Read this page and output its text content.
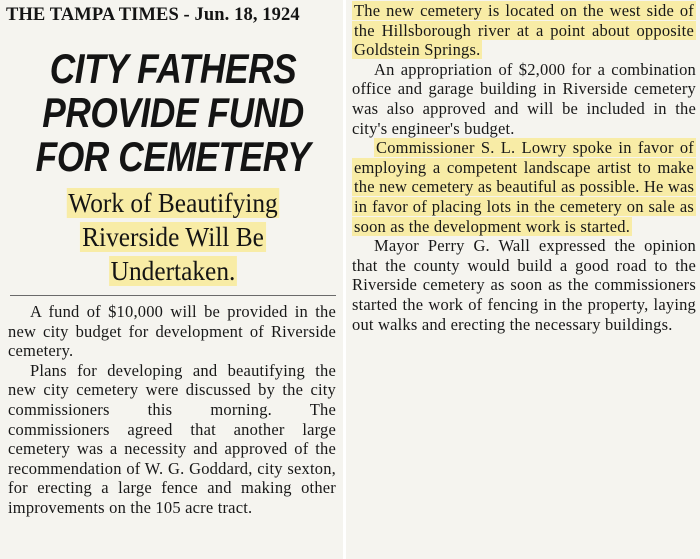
THE TAMPA TIMES - Jun. 18, 1924
CITY FATHERS
PROVIDE FUND
FOR CEMETERY
Work of Beautifying
Riverside Will Be
Undertaken.

A fund of $10,000 will be provided in the new city budget for development of Riverside cemetery.

Plans for developing and beautifying the new city cemetery were discussed by the city commissioners this morning. The commissioners agreed that another large cemetery was a necessity and approved of the recommendation of W. G. Goddard, city sexton, for erecting a large fence and making other improvements on the 105 acre tract.

The new cemetery is located on the west side of the Hillsborough river at a point about opposite Goldstein Springs.

An appropriation of $2,000 for a combination office and garage building in Riverside cemetery was also approved and will be included in the city's engineer's budget.

Commissioner S. L. Lowry spoke in favor of employing a competent landscape artist to make the new cemetery as beautiful as possible. He was in favor of placing lots in the cemetery on sale as soon as the development work is started.

Mayor Perry G. Wall expressed the opinion that the county would build a good road to the Riverside cemetery as soon as the commissioners started the work of fencing in the property, laying out walks and erecting the necessary buildings.
